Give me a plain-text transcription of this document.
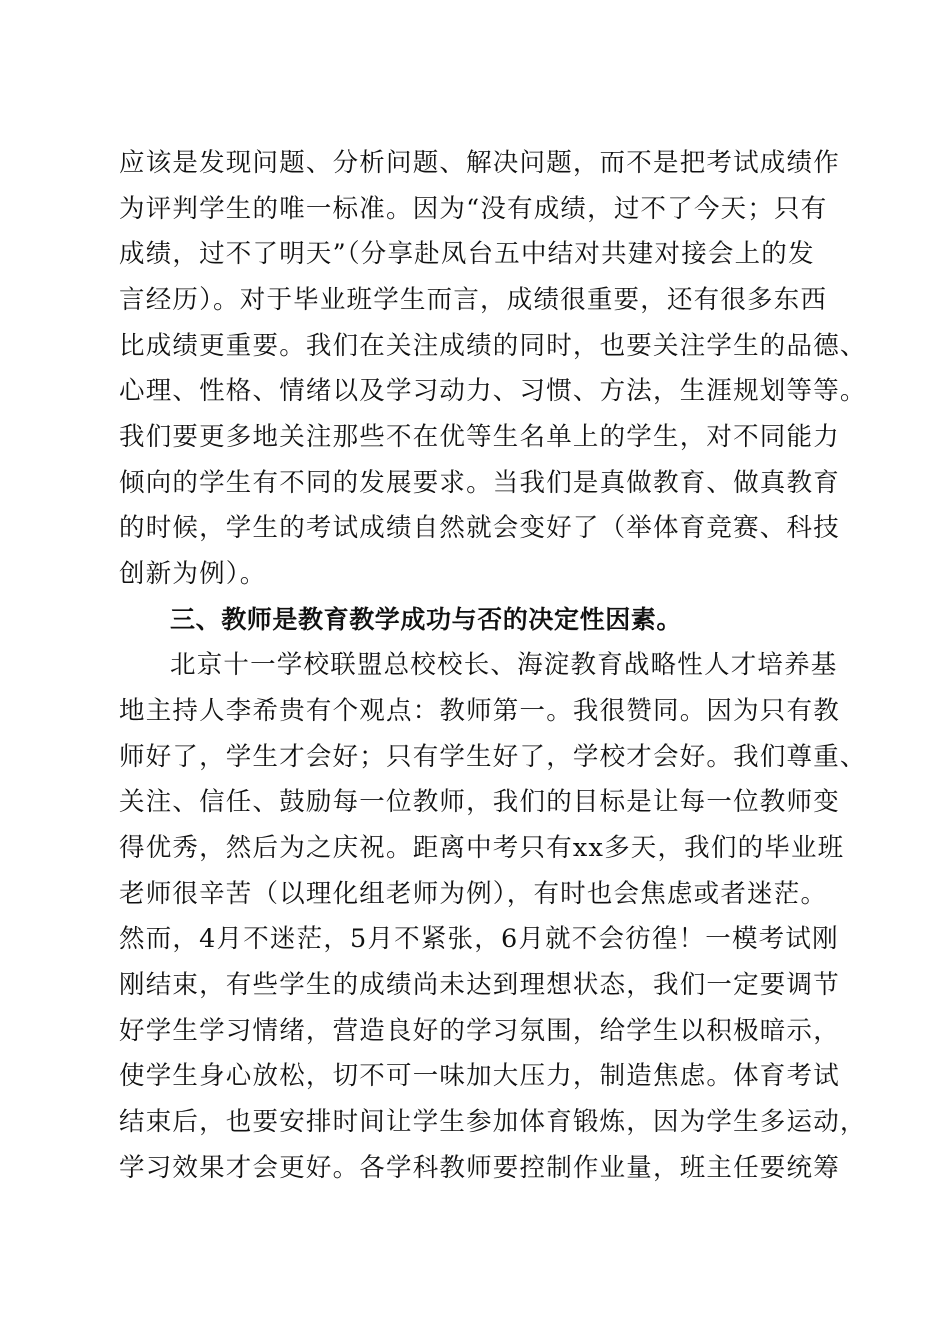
应该是发现问题、分析问题、解决问题，而不是把考试成绩作
为评判学生的唯一标准。因为“没有成绩，过不了今天；只有
成绩，过不了明天”（分享赴凤台五中结对共建对接会上的发
言经历）。对于毕业班学生而言，成绩很重要，还有很多东西
比成绩更重要。我们在关注成绩的同时，也要关注学生的品德、
心理、性格、情绪以及学习动力、习惯、方法，生涯规划等等。
我们要更多地关注那些不在优等生名单上的学生，对不同能力
倾向的学生有不同的发展要求。当我们是真做教育、做真教育
的时候，学生的考试成绩自然就会变好了（举体育竞赛、科技
创新为例）。
三、教师是教育教学成功与否的决定性因素。
北京十一学校联盟总校校长、海淀教育战略性人才培养基
地主持人李希贵有个观点：教师第一。我很赞同。因为只有教
师好了，学生才会好；只有学生好了，学校才会好。我们尊重、
关注、信任、鼓励每一位教师，我们的目标是让每一位教师变
得优秀，然后为之庆祝。距离中考只有xx多天，我们的毕业班
老师很辛苦（以理化组老师为例），有时也会焦虑或者迷茫。
然而，4月不迷茫，5月不紧张，6月就不会彷徨！一模考试刚
刚结束，有些学生的成绩尚未达到理想状态，我们一定要调节
好学生学习情绪，营造良好的学习氛围，给学生以积极暗示，
使学生身心放松，切不可一味加大压力，制造焦虑。体育考试
结束后，也要安排时间让学生参加体育锻炼，因为学生多运动，
学习效果才会更好。各学科教师要控制作业量，班主任要统筹
